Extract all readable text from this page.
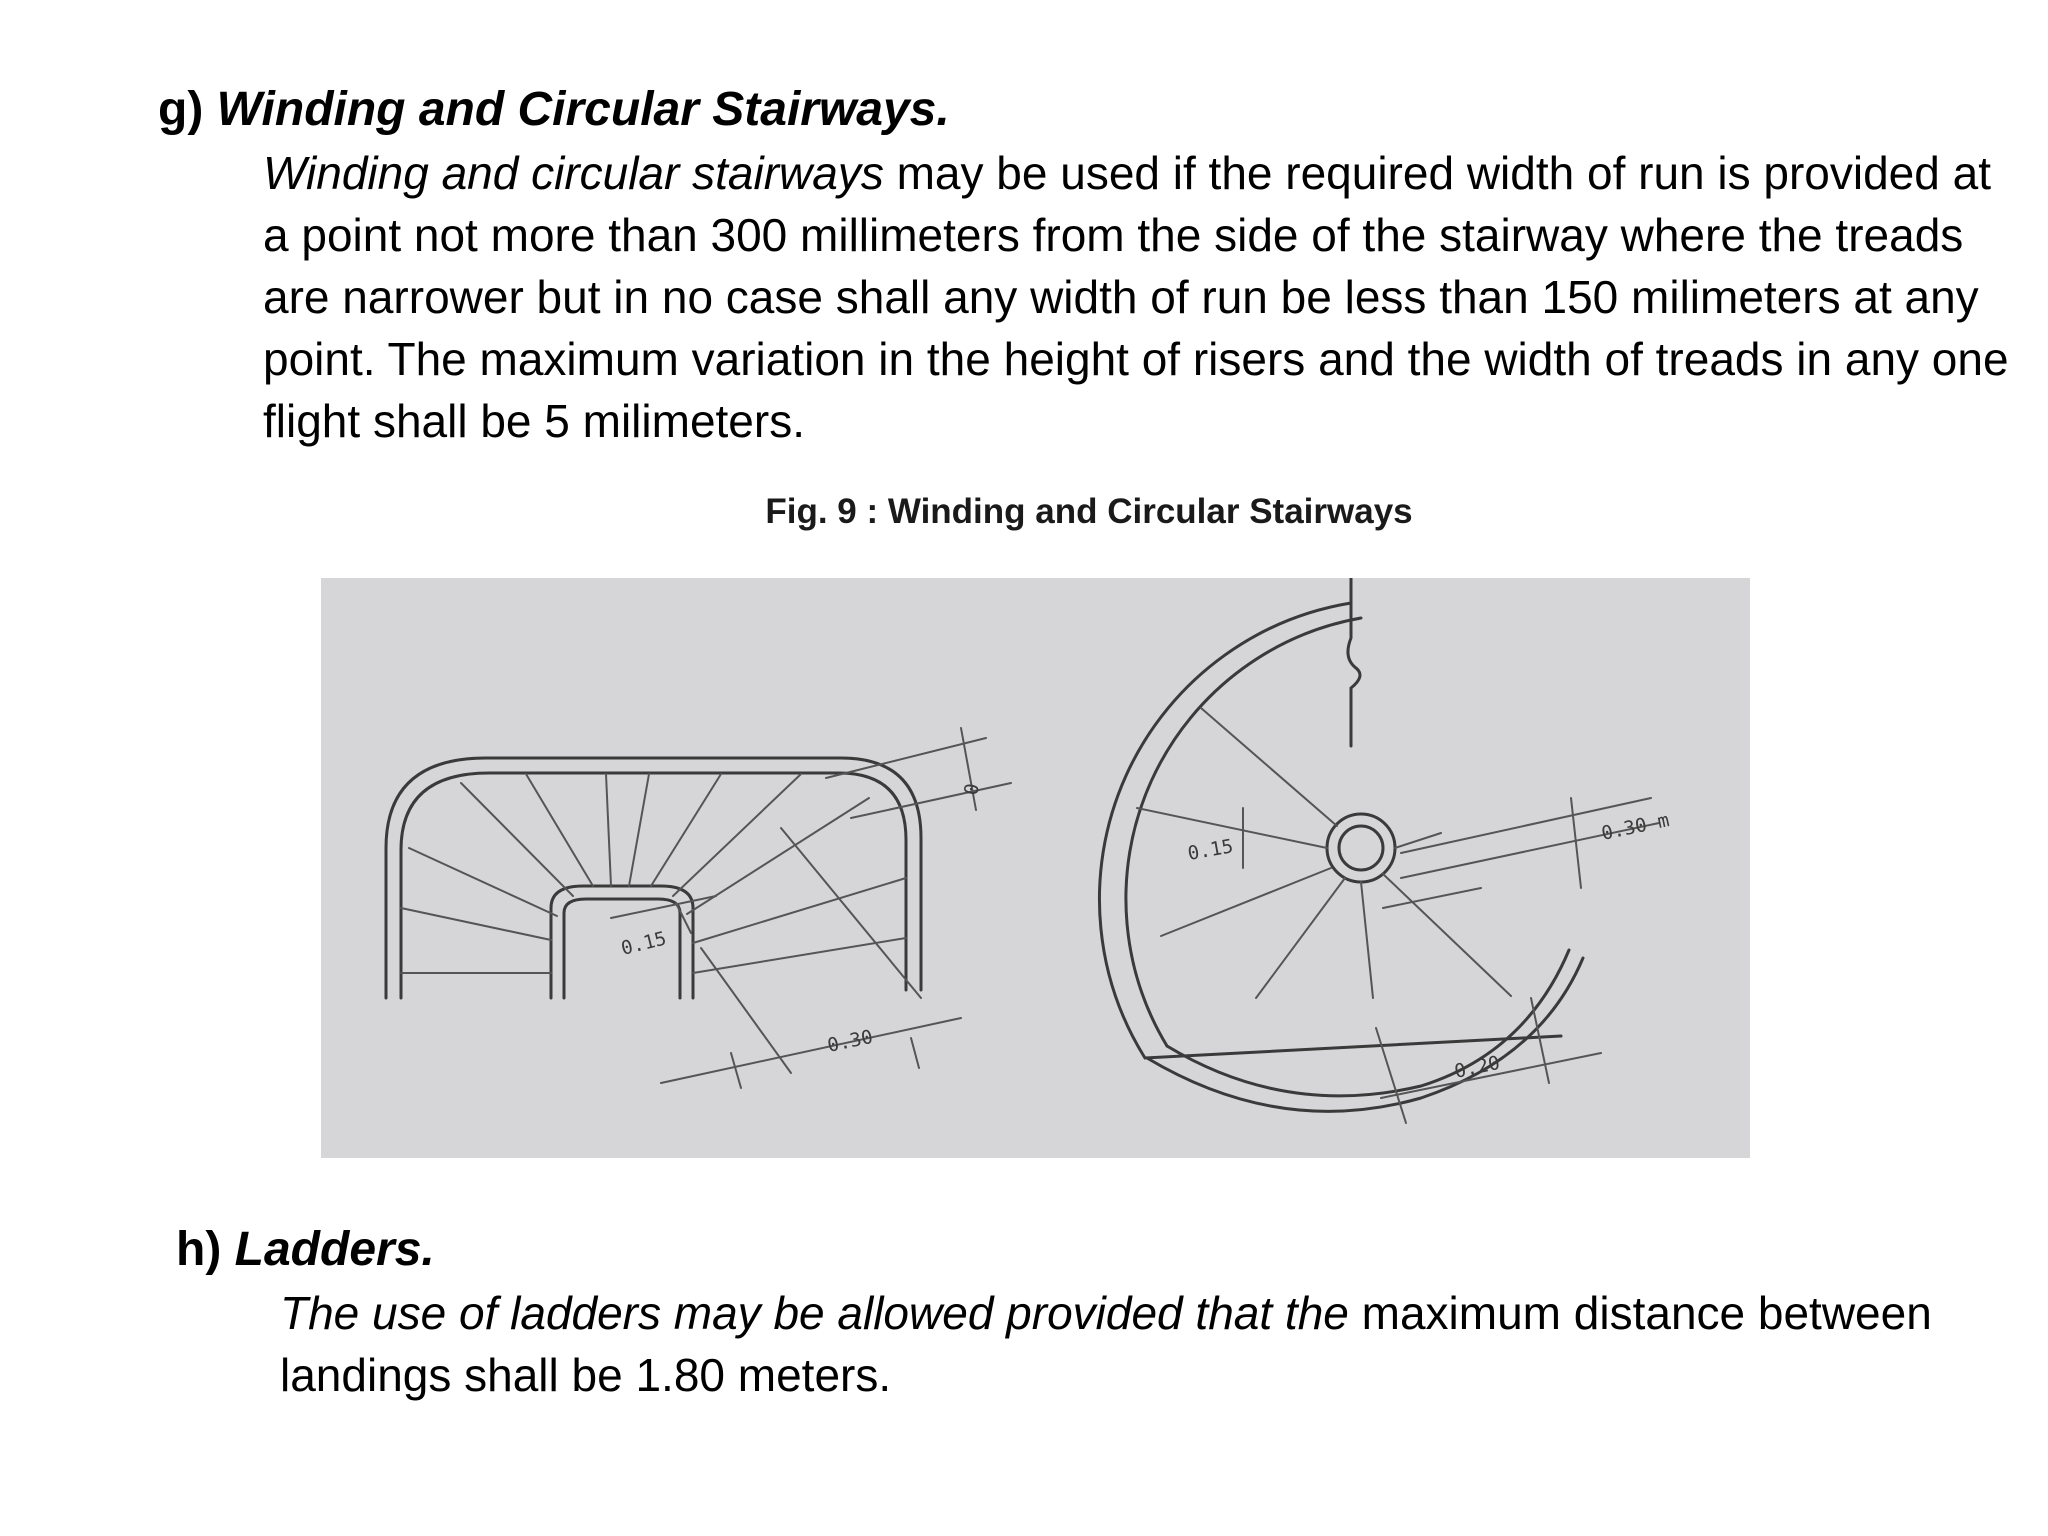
g) Winding and Circular Stairways.

Winding and circular stairways may be used if the required width of run is provided at a point not more than 300 millimeters from the side of the stairway where the treads are narrower but in no case shall any width of run be less than 150 milimeters at any point. The maximum variation in the height of risers and the width of treads in any one flight shall be 5 milimeters.

Fig. 9 : Winding and Circular Stairways
0.15
0.30
0
0.15
0.30 m
0.20
h) Ladders.

The use of ladders may be allowed provided that the maximum distance between landings shall be 1.80 meters.
